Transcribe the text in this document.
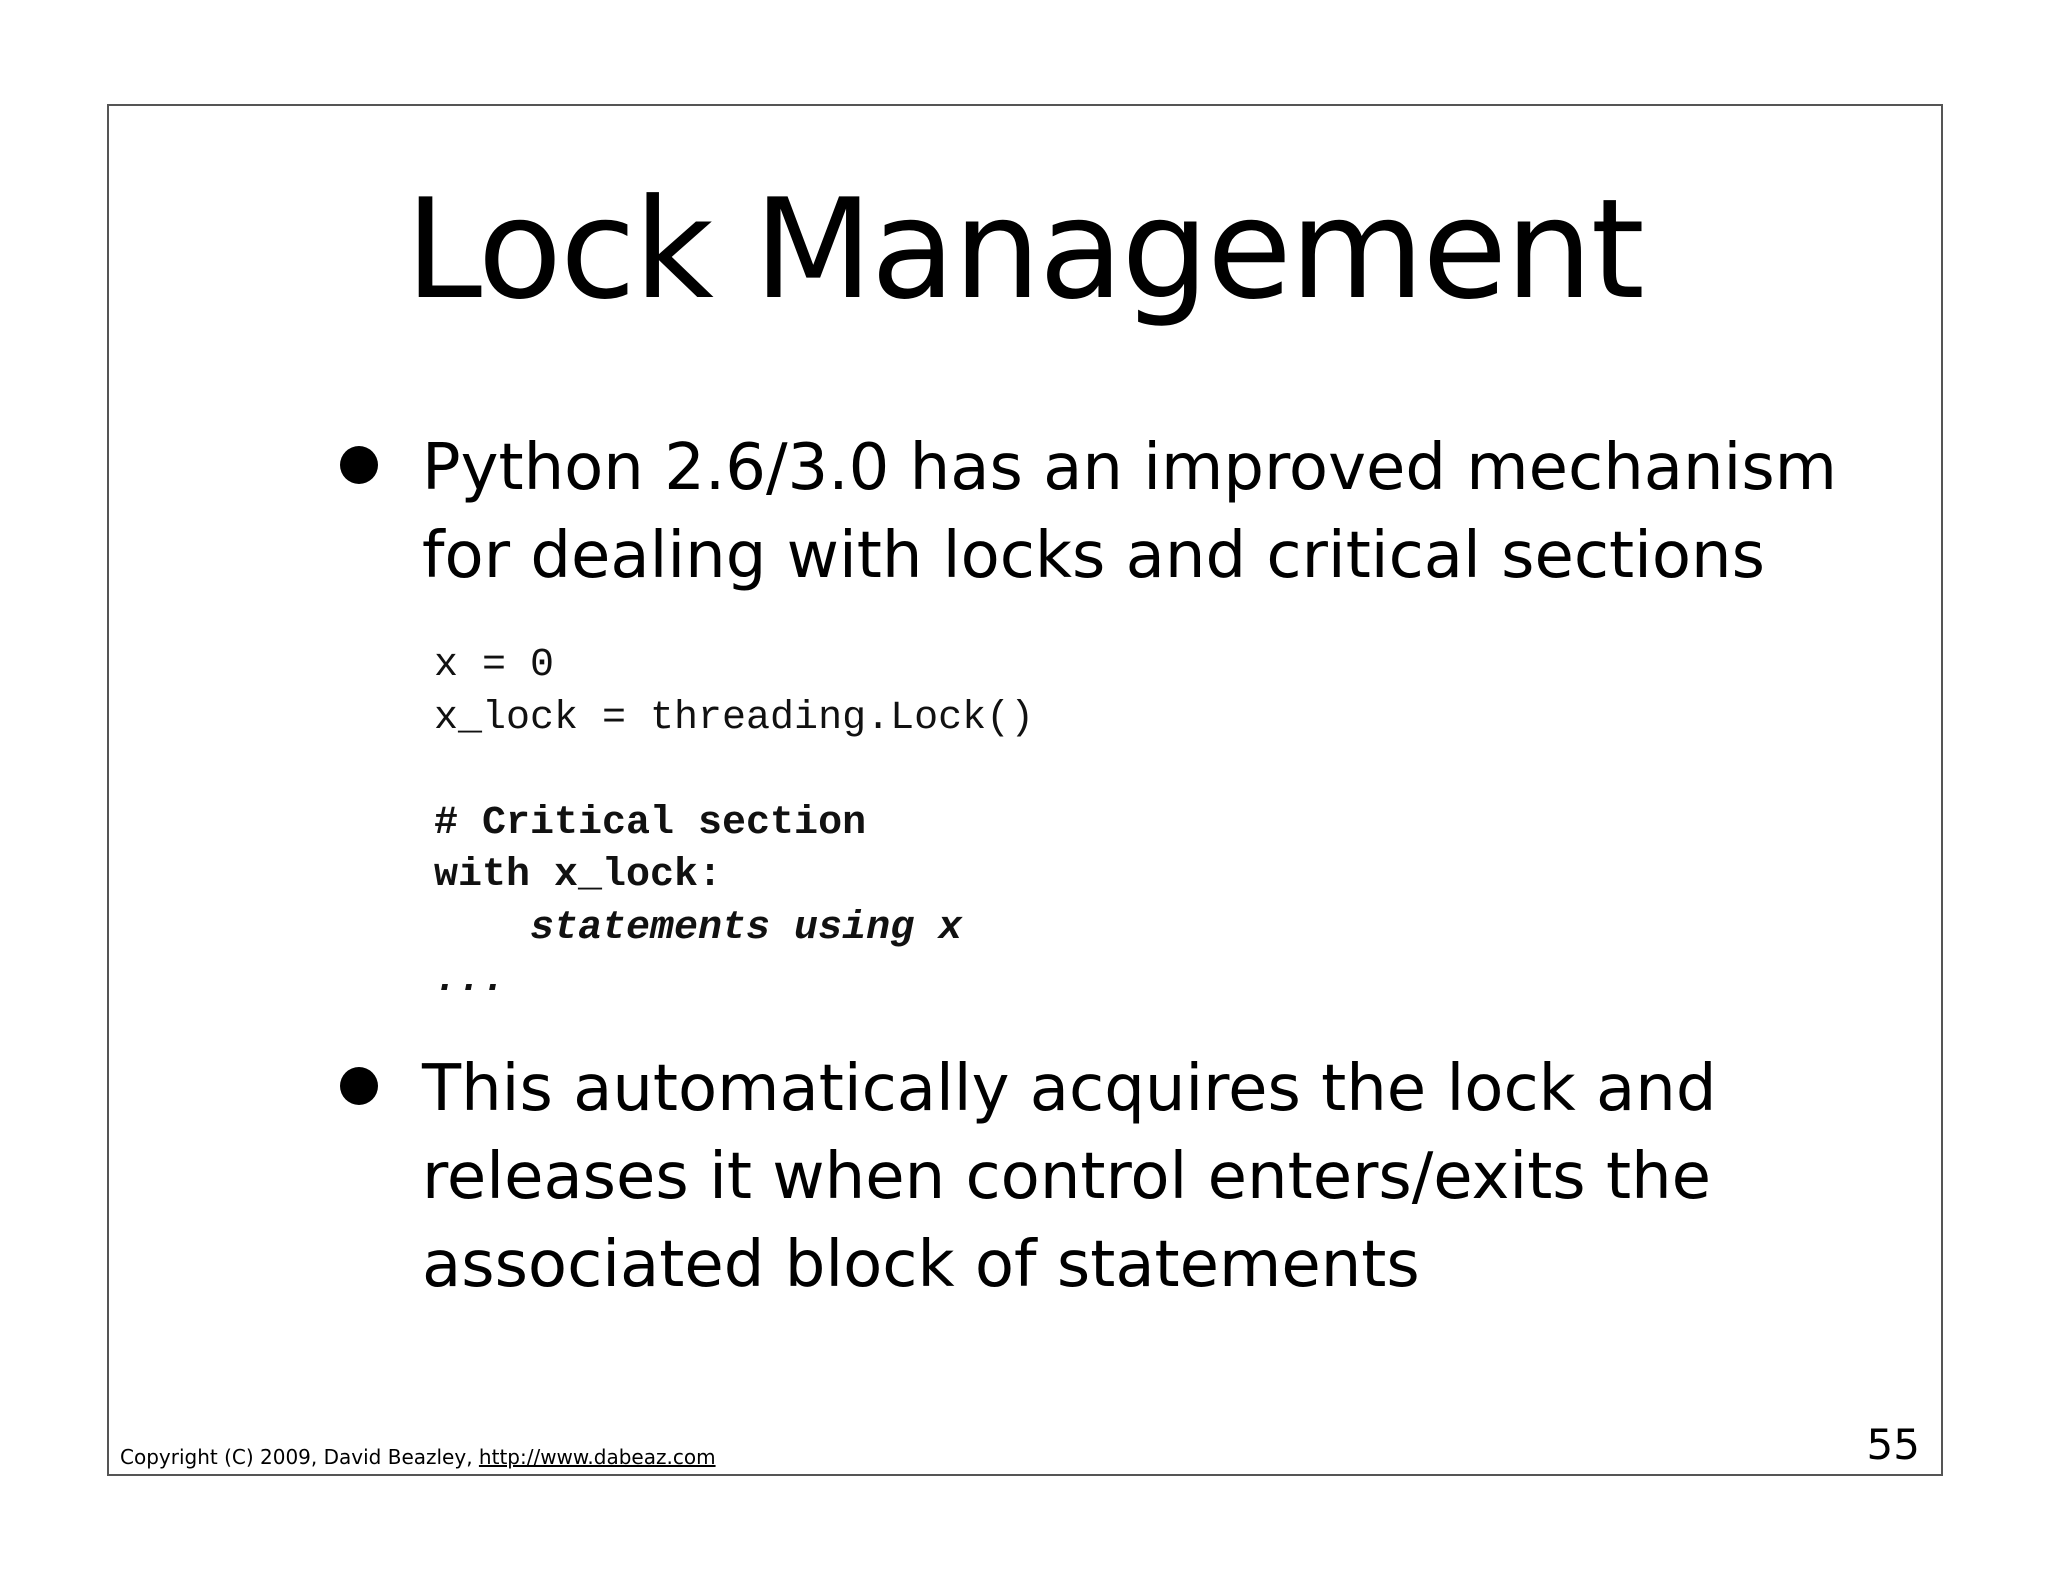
Lock Management
Python 2.6/3.0 has an improved mechanism
for dealing with locks and critical sections
x = 0
x_lock = threading.Lock()
# Critical section
with x_lock:
statements using x
...
This automatically acquires the lock and
releases it when control enters/exits the
associated block of statements
Copyright (C) 2009, David Beazley, http://www.dabeaz.com	55
